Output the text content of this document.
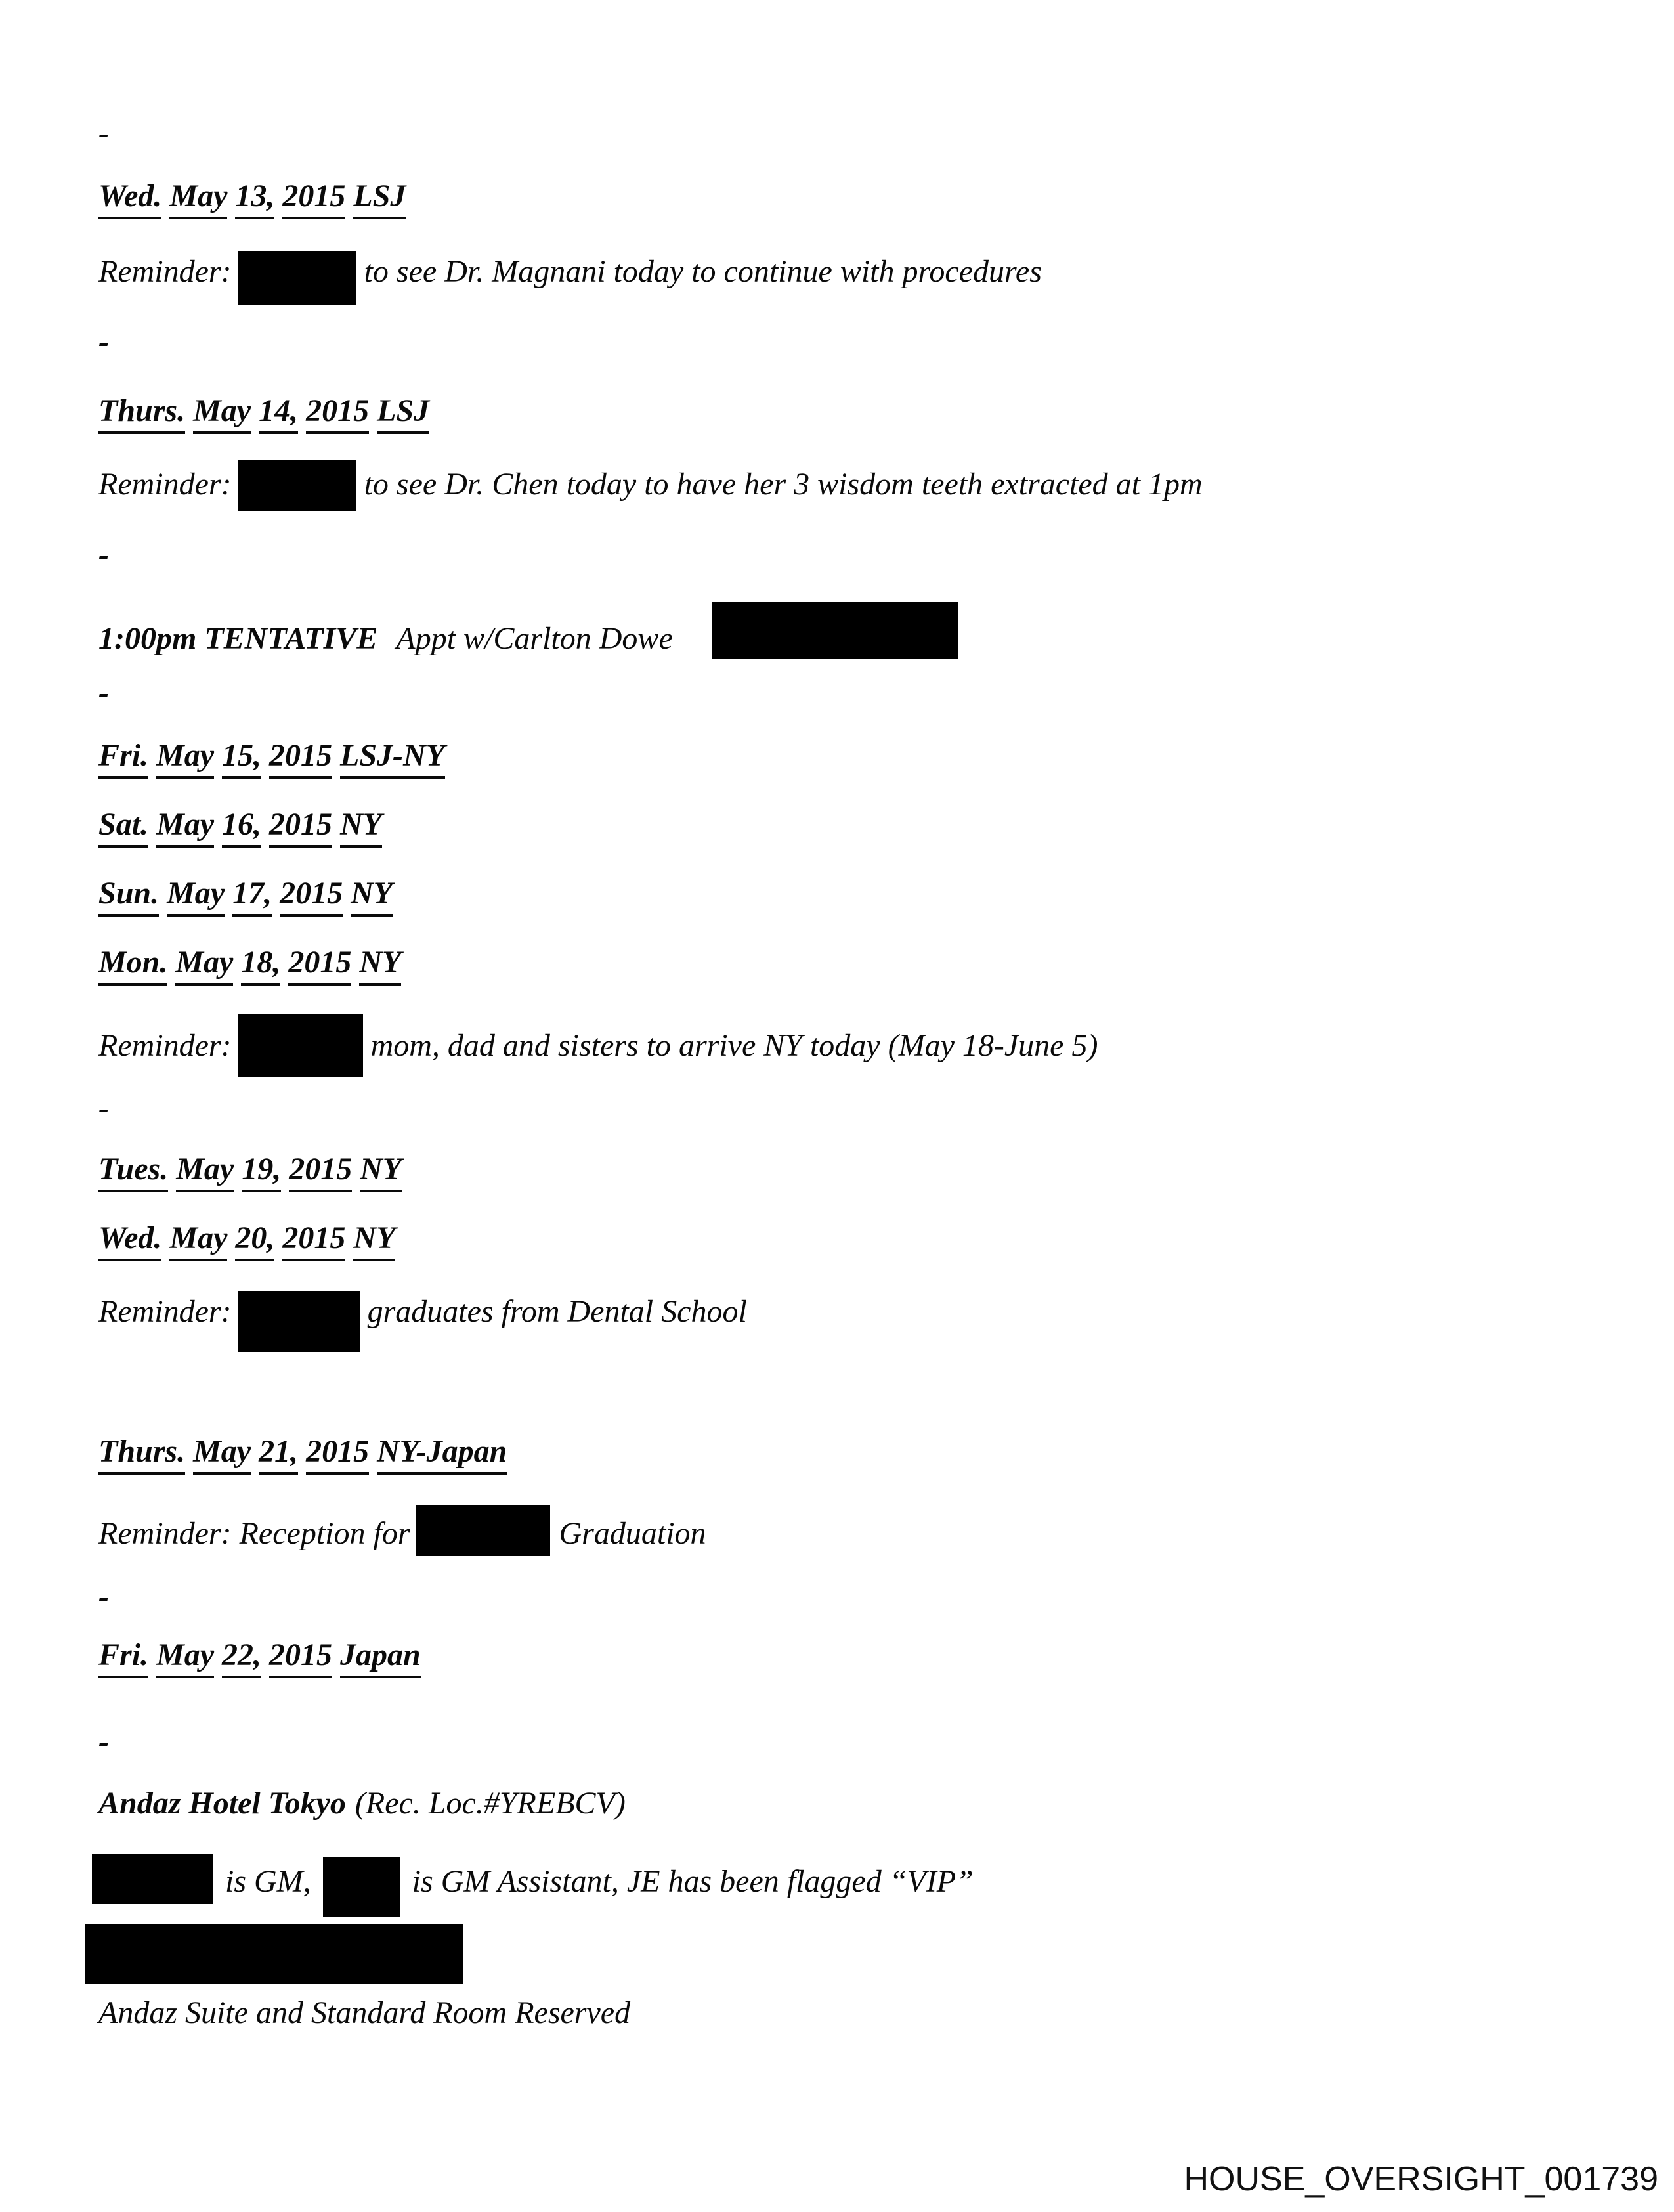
-
Wed. May 13, 2015 LSJ
Reminder:	to see Dr. Magnani today to continue with procedures
-
Thurs. May 14, 2015 LSJ
Reminder:	to see Dr. Chen today to have her 3 wisdom teeth extracted at 1pm
-
1:00pm TENTATIVE Appt w/Carlton Dowe
-
Fri. May 15, 2015 LSJ-NY
Sat. May 16, 2015 NY
Sun. May 17, 2015 NY
Mon. May 18, 2015 NY
Reminder:	mom, dad and sisters to arrive NY today (May 18-June 5)
-
Tues. May 19, 2015 NY
Wed. May 20, 2015 NY
Reminder:	graduates from Dental School
Thurs. May 21, 2015 NY-Japan
Reminder: Reception for	Graduation
-
Fri. May 22, 2015 Japan
-
Andaz Hotel Tokyo (Rec. Loc.#YREBCV)
is GM,	is GM Assistant, JE has been flagged “VIP”
Andaz Suite and Standard Room Reserved
HOUSE_OVERSIGHT_001739
